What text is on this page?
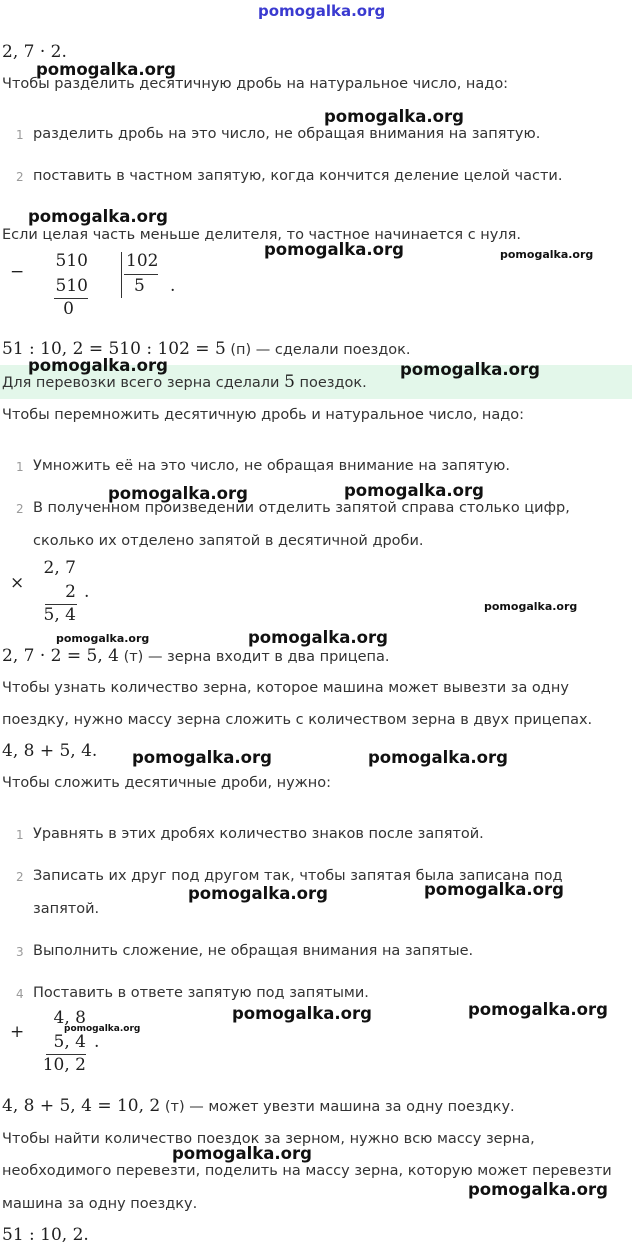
pomogalka.org
2, 7 · 2.
Чтобы разделить десятичную дробь на натуральное число, надо:
1 разделить дробь на это число, не обращая внимания на запятую.
2 поставить в частном запятую, когда кончится деление целой части.
Если целая часть меньше делителя, то частное начинается с нуля.
−
510
510
0
102
5 .
51 : 10, 2 = 510 : 102 = 5 (п) — сделали поездок.
Для перевозки всего зерна сделали 5 поездок.
Чтобы перемножить десятичную дробь и натуральное число, надо:
1 Умножить её на это число, не обращая внимание на запятую.
2 В полученном произведении отделить запятой справа столько цифр,
сколько их отделено запятой в десятичной дроби.
×
2, 7
2
5, 4
.
2, 7 · 2 = 5, 4 (т) — зерна входит в два прицепа.
Чтобы узнать количество зерна, которое машина может вывезти за одну
поездку, нужно массу зерна сложить с количеством зерна в двух прицепах.
4, 8 + 5, 4.
Чтобы сложить десятичные дроби, нужно:
1 Уравнять в этих дробях количество знаков после запятой.
2 Записать их друг под другом так, чтобы запятая была записана под
запятой.
3 Выполнить сложение, не обращая внимания на запятые.
4 Поставить в ответе запятую под запятыми.
+
4, 8
5, 4
10, 2
.
4, 8 + 5, 4 = 10, 2 (т) — может увезти машина за одну поездку.
Чтобы найти количество поездок за зерном, нужно всю массу зерна,
необходимого перевезти, поделить на массу зерна, которую может перевезти
машина за одну поездку.
51 : 10, 2.
pomogalka.org
pomogalka.org
pomogalka.org
pomogalka.org	pomogalka.org
pomogalka.org	pomogalka.org
pomogalka.org	pomogalka.org
pomogalka.org
pomogalka.org	pomogalka.org
pomogalka.org	pomogalka.org
pomogalka.org	pomogalka.org
pomogalka.org	pomogalka.org
pomogalka.org
pomogalka.org
pomogalka.org
